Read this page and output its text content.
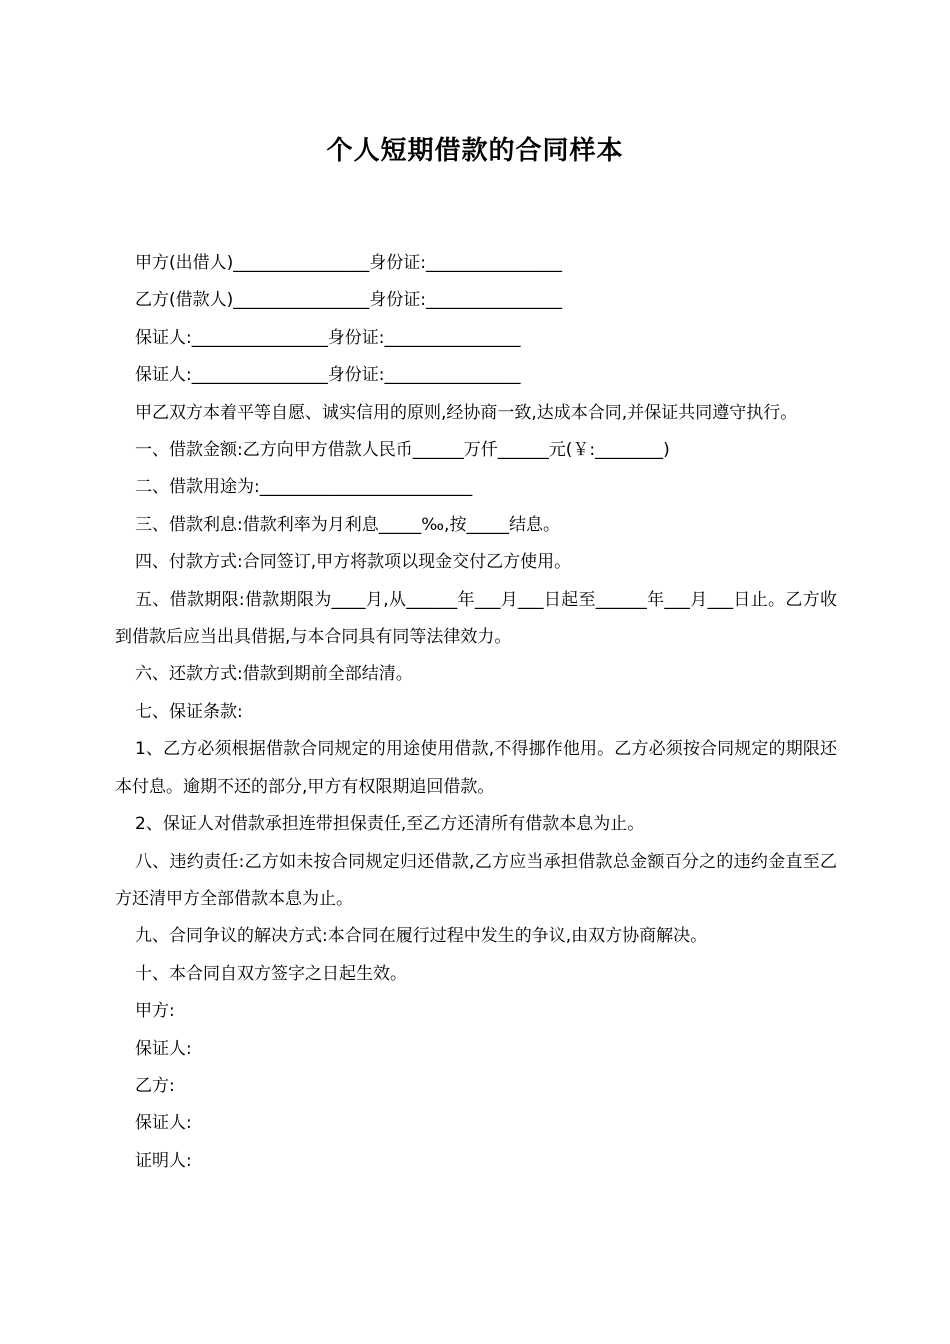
个人短期借款的合同样本
甲方(出借人)________________身份证:________________
乙方(借款人)________________身份证:________________
保证人:________________身份证:________________
保证人:________________身份证:________________
甲乙双方本着平等自愿、诚实信用的原则,经协商一致,达成本合同,并保证共同遵守执行。
一、借款金额:乙方向甲方借款人民币______万仟______元(￥:________)
二、借款用途为:_________________________
三、借款利息:借款利率为月利息_____‰,按_____结息。
四、付款方式:合同签订,甲方将款项以现金交付乙方使用。
五、借款期限:借款期限为____月,从______年___月___日起至______年___月___日止。乙方收到借款后应当出具借据,与本合同具有同等法律效力。
六、还款方式:借款到期前全部结清。
七、保证条款:
1、乙方必须根据借款合同规定的用途使用借款,不得挪作他用。乙方必须按合同规定的期限还本付息。逾期不还的部分,甲方有权限期追回借款。
2、保证人对借款承担连带担保责任,至乙方还清所有借款本息为止。
八、违约责任:乙方如未按合同规定归还借款,乙方应当承担借款总金额百分之的违约金直至乙方还清甲方全部借款本息为止。
九、合同争议的解决方式:本合同在履行过程中发生的争议,由双方协商解决。
十、本合同自双方签字之日起生效。
甲方:
保证人:
乙方:
保证人:
证明人:
